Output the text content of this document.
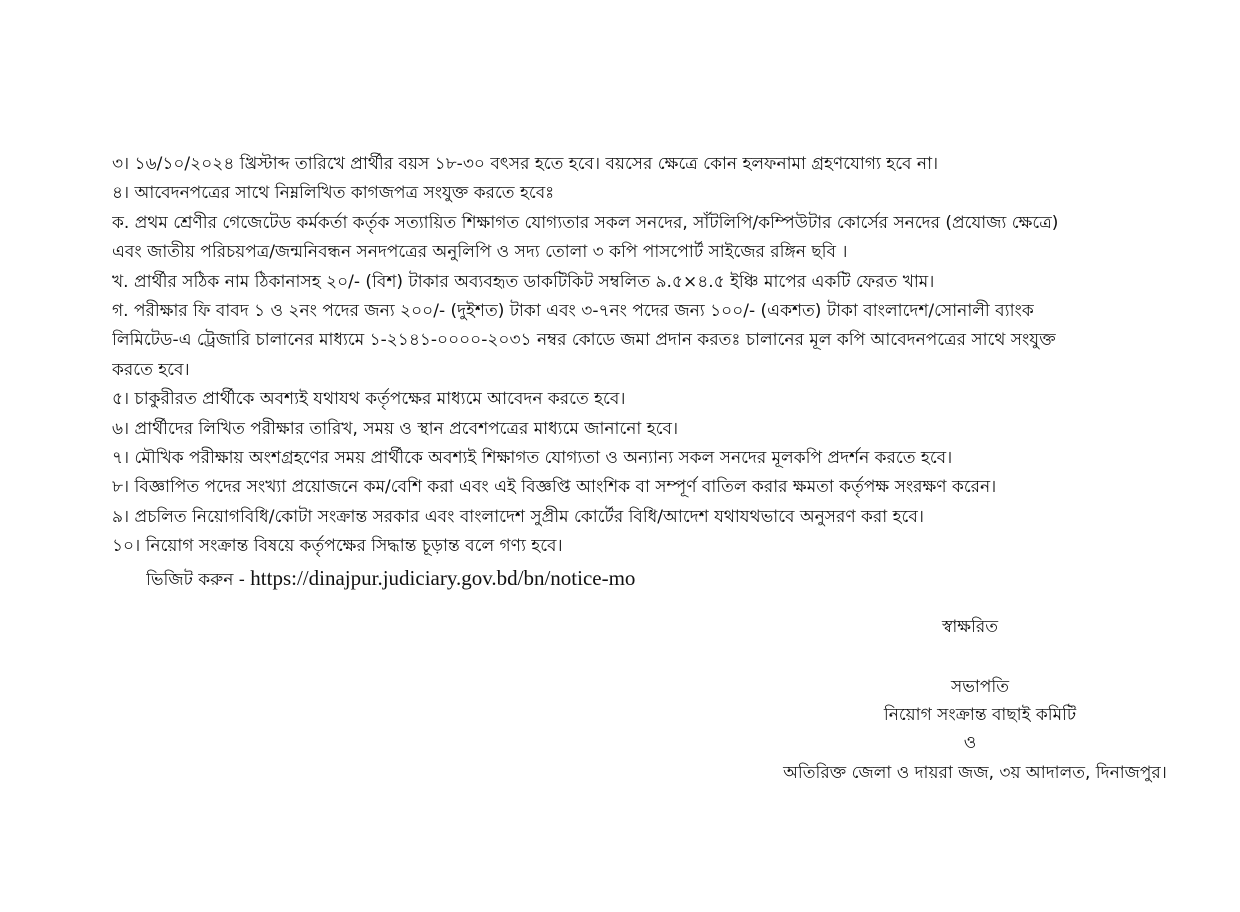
৩। ১৬/১০/২০২৪ খ্রিস্টাব্দ তারিখে প্রার্থীর বয়স ১৮-৩০ বৎসর হতে হবে। বয়সের ক্ষেত্রে কোন হলফনামা গ্রহণযোগ্য হবে না।
৪। আবেদনপত্রের সাথে নিম্নলিখিত কাগজপত্র সংযুক্ত করতে হবেঃ
ক. প্রথম শ্রেণীর গেজেটেড কর্মকর্তা কর্তৃক সত্যায়িত শিক্ষাগত যোগ্যতার সকল সনদের, সাঁটলিপি/কম্পিউটার কোর্সের সনদের (প্রযোজ্য ক্ষেত্রে)
এবং জাতীয় পরিচয়পত্র/জন্মনিবন্ধন সনদপত্রের অনুলিপি ও সদ্য তোলা ৩ কপি পাসপোর্ট সাইজের রঙ্গিন ছবি ।
খ. প্রার্থীর সঠিক নাম ঠিকানাসহ ২০/- (বিশ) টাকার অব্যবহৃত ডাকটিকিট সম্বলিত ৯.৫×৪.৫ ইঞ্চি মাপের একটি ফেরত খাম।
গ. পরীক্ষার ফি বাবদ ১ ও ২নং পদের জন্য ২০০/- (দুইশত) টাকা এবং ৩-৭নং পদের জন্য ১০০/- (একশত) টাকা বাংলাদেশ/সোনালী ব্যাংক
লিমিটেড-এ ট্রেজারি চালানের মাধ্যমে ১-২১৪১-০০০০-২০৩১ নম্বর কোডে জমা প্রদান করতঃ চালানের মূল কপি আবেদনপত্রের সাথে সংযুক্ত
করতে হবে।
৫। চাকুরীরত প্রার্থীকে অবশ্যই যথাযথ কর্তৃপক্ষের মাধ্যমে আবেদন করতে হবে।
৬। প্রার্থীদের লিখিত পরীক্ষার তারিখ, সময় ও স্থান প্রবেশপত্রের মাধ্যমে জানানো হবে।
৭। মৌখিক পরীক্ষায় অংশগ্রহণের সময় প্রার্থীকে অবশ্যই শিক্ষাগত যোগ্যতা ও অন্যান্য সকল সনদের মূলকপি প্রদর্শন করতে হবে।
৮। বিজ্ঞাপিত পদের সংখ্যা প্রয়োজনে কম/বেশি করা এবং এই বিজ্ঞপ্তি আংশিক বা সম্পূর্ণ বাতিল করার ক্ষমতা কর্তৃপক্ষ সংরক্ষণ করেন।
৯। প্রচলিত নিয়োগবিধি/কোটা সংক্রান্ত সরকার এবং বাংলাদেশ সুপ্রীম কোর্টের বিধি/আদেশ যথাযথভাবে অনুসরণ করা হবে।
১০। নিয়োগ সংক্রান্ত বিষয়ে কর্তৃপক্ষের সিদ্ধান্ত চূড়ান্ত বলে গণ্য হবে।
ভিজিট করুন - https://dinajpur.judiciary.gov.bd/bn/notice-mo
স্বাক্ষরিত
সভাপতি
নিয়োগ সংক্রান্ত বাছাই কমিটি
ও
অতিরিক্ত জেলা ও দায়রা জজ, ৩য় আদালত, দিনাজপুর।
